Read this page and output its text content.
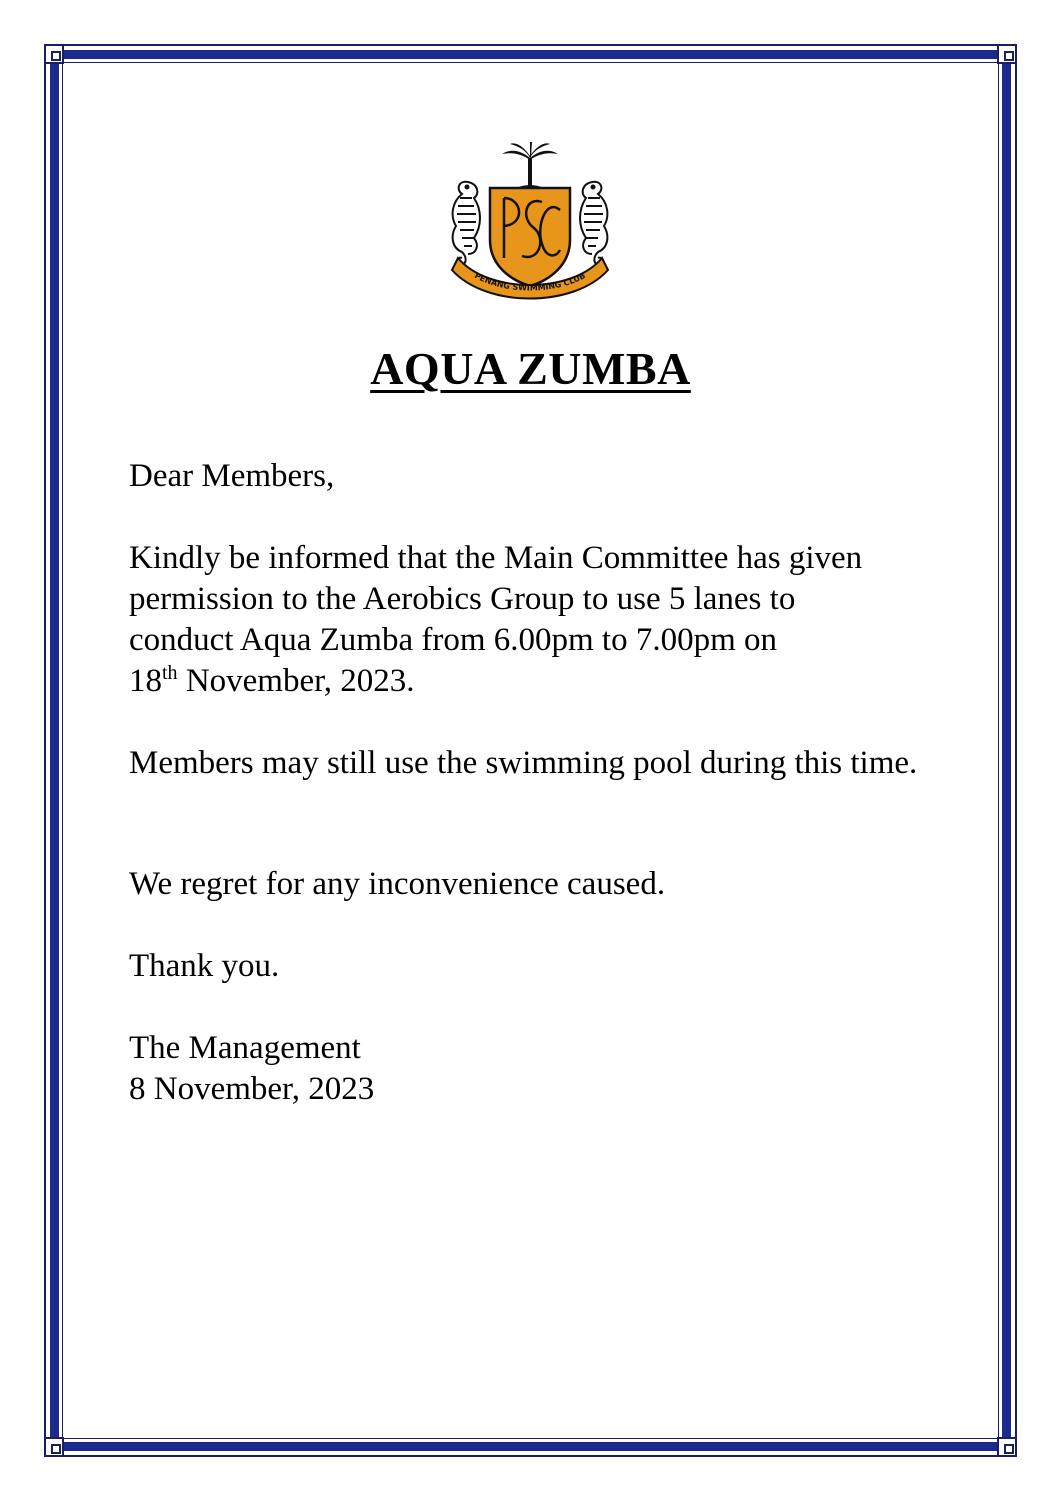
PENANG SWIMMING CLUB
AQUA ZUMBA
Dear Members,
Kindly be informed that the Main Committee has given
permission to the Aerobics Group to use 5 lanes to
conduct Aqua Zumba from 6.00pm to 7.00pm on
18th November, 2023.
Members may still use the swimming pool during this time.
We regret for any inconvenience caused.
Thank you.
The Management
8 November, 2023
